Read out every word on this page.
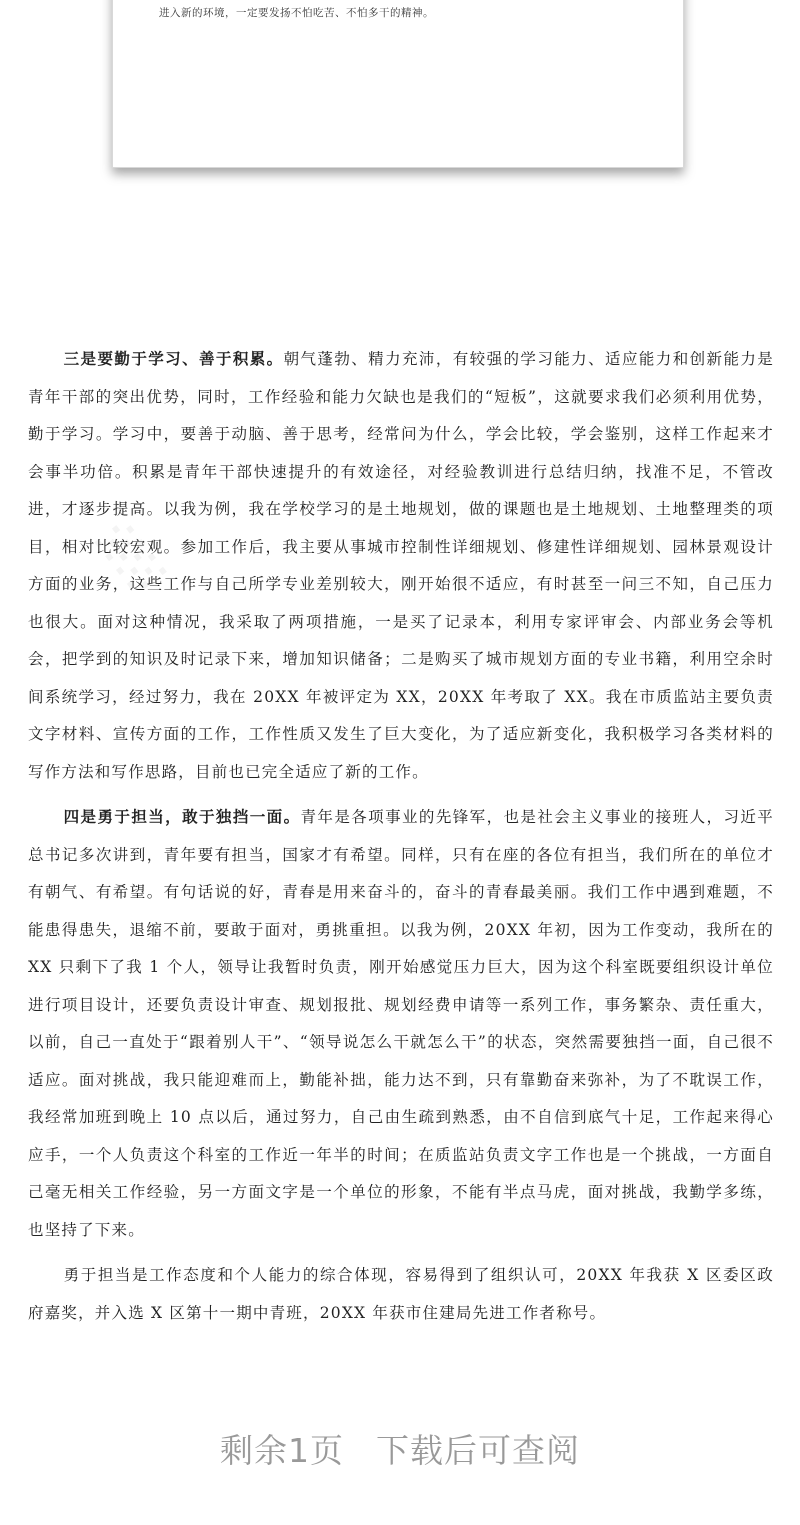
进入新的环境，一定要发扬不怕吃苦、不怕多干的精神。
░

三是要勤于学习、善于积累。朝气蓬勃、精力充沛，有较强的学习能力、适应能力和创新能力是青年干部的突出优势，同时，工作经验和能力欠缺也是我们的“短板”，这就要求我们必须利用优势，勤于学习。学习中，要善于动脑、善于思考，经常问为什么，学会比较，学会鉴别，这样工作起来才会事半功倍。积累是青年干部快速提升的有效途径，对经验教训进行总结归纳，找准不足，不管改进，才逐步提高。以我为例，我在学校学习的是土地规划，做的课题也是土地规划、土地整理类的项目，相对比较宏观。参加工作后，我主要从事城市控制性详细规划、修建性详细规划、园林景观设计方面的业务，这些工作与自己所学专业差别较大，刚开始很不适应，有时甚至一问三不知，自己压力也很大。面对这种情况，我采取了两项措施，一是买了记录本，利用专家评审会、内部业务会等机会，把学到的知识及时记录下来，增加知识储备；二是购买了城市规划方面的专业书籍，利用空余时间系统学习，经过努力，我在 20XX 年被评定为 XX，20XX 年考取了 XX。我在市质监站主要负责文字材料、宣传方面的工作，工作性质又发生了巨大变化，为了适应新变化，我积极学习各类材料的写作方法和写作思路，目前也已完全适应了新的工作。

四是勇于担当，敢于独挡一面。青年是各项事业的先锋军，也是社会主义事业的接班人，习近平总书记多次讲到，青年要有担当，国家才有希望。同样，只有在座的各位有担当，我们所在的单位才有朝气、有希望。有句话说的好，青春是用来奋斗的，奋斗的青春最美丽。我们工作中遇到难题，不能患得患失，退缩不前，要敢于面对，勇挑重担。以我为例，20XX 年初，因为工作变动，我所在的 XX 只剩下了我 1 个人，领导让我暂时负责，刚开始感觉压力巨大，因为这个科室既要组织设计单位进行项目设计，还要负责设计审查、规划报批、规划经费申请等一系列工作，事务繁杂、责任重大，以前，自己一直处于“跟着别人干”、“领导说怎么干就怎么干”的状态，突然需要独挡一面，自己很不适应。面对挑战，我只能迎难而上，勤能补拙，能力达不到，只有靠勤奋来弥补，为了不耽误工作，我经常加班到晚上 10 点以后，通过努力，自己由生疏到熟悉，由不自信到底气十足，工作起来得心应手，一个人负责这个科室的工作近一年半的时间；在质监站负责文字工作也是一个挑战，一方面自己毫无相关工作经验，另一方面文字是一个单位的形象，不能有半点马虎，面对挑战，我勤学多练，也坚持了下来。

勇于担当是工作态度和个人能力的综合体现，容易得到了组织认可，20XX 年我获 X 区委区政府嘉奖，并入选 X 区第十一期中青班，20XX 年获市住建局先进工作者称号。

剩余1页 下载后可查阅
